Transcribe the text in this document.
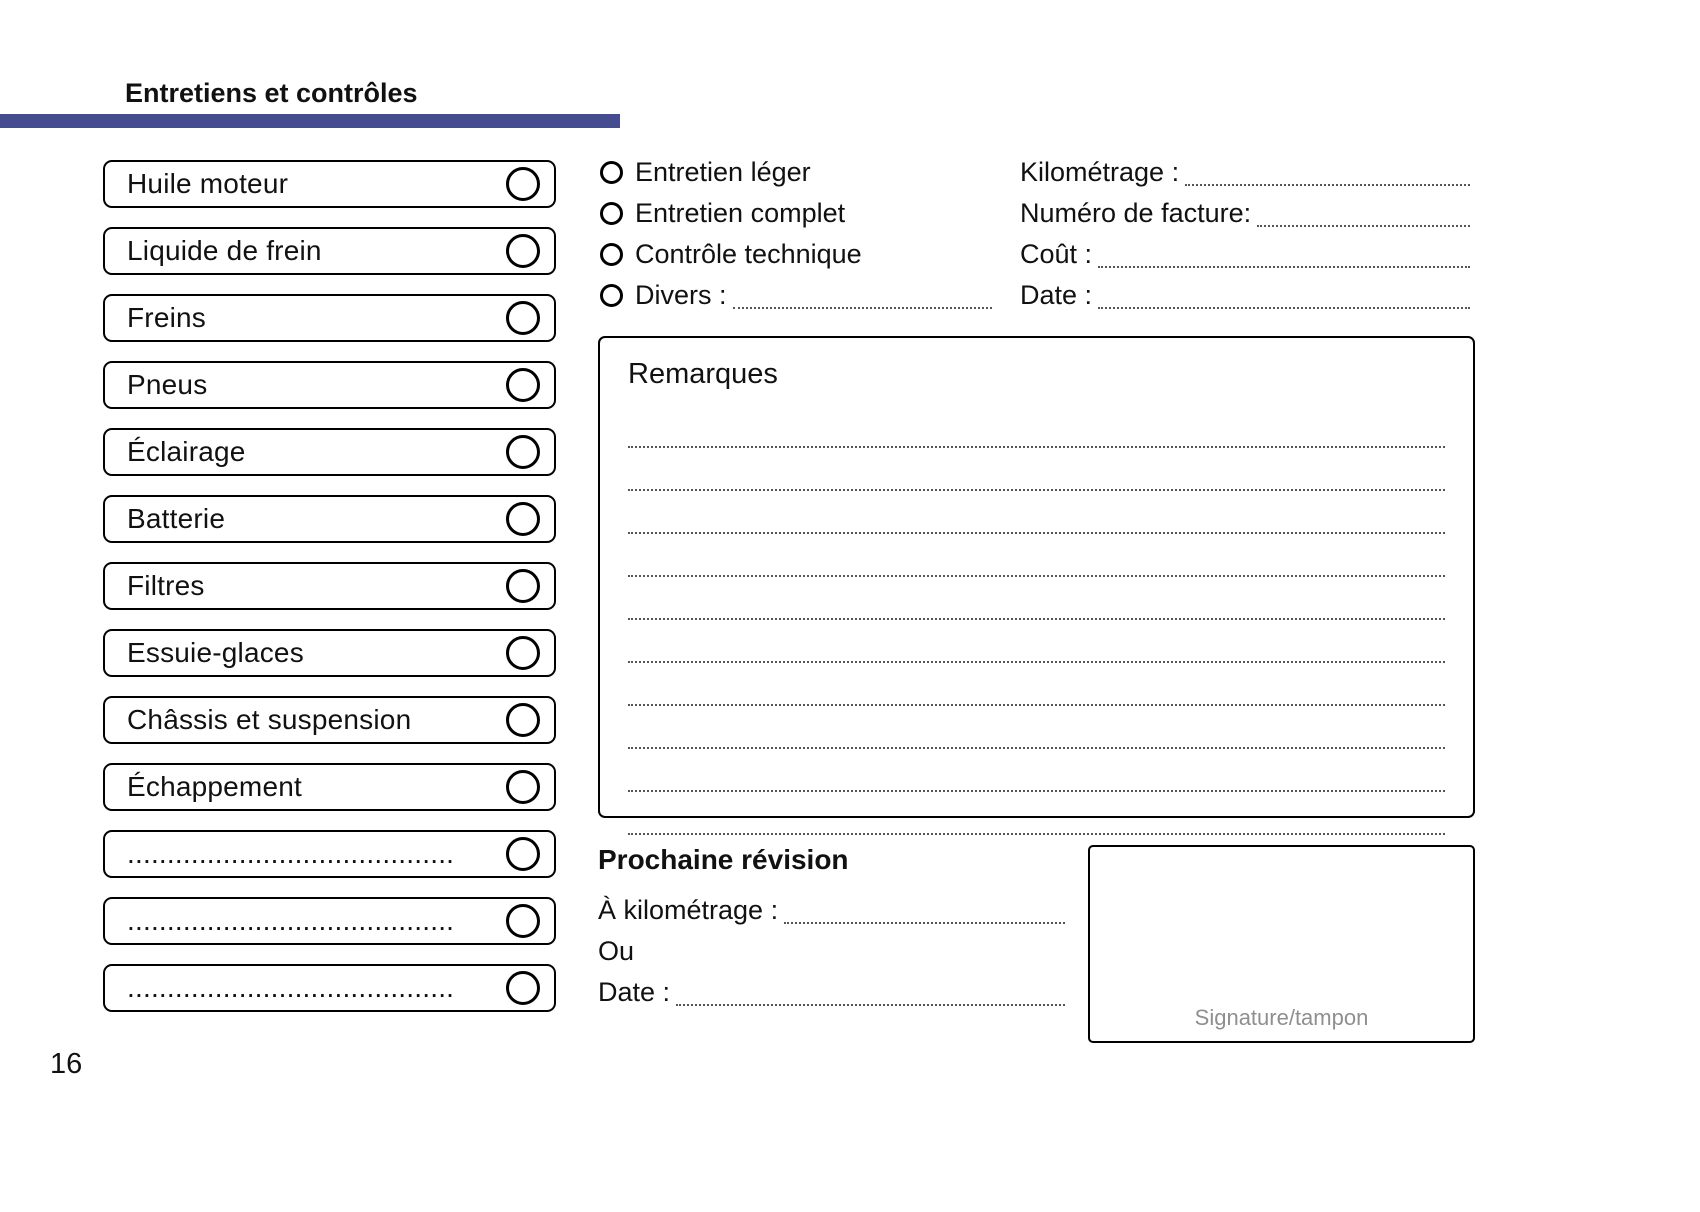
Entretiens et contrôles
Huile moteur
Liquide de frein
Freins
Pneus
Éclairage
Batterie
Filtres
Essuie-glaces
Châssis et suspension
Échappement
.........................................
.........................................
.........................................
Entretien léger
Entretien complet
Contrôle technique
Divers :
Kilométrage :
Numéro de facture:
Coût :
Date :
Remarques
Prochaine révision
À kilométrage :
Ou
Date :
Signature/tampon
16
